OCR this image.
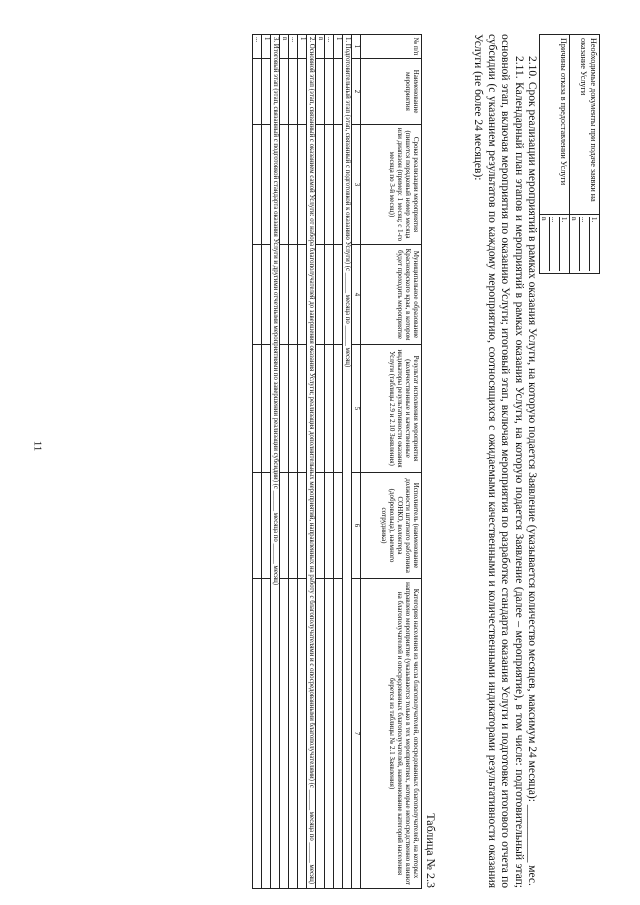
11
Необходимые документы при подаче заявки на оказание Услуги	1.
...
n

Причины отказа в предоставлении Услуги	1.
...
n

2.10. Срок реализации мероприятий в рамках оказания Услуги, на которую подается Заявление (указывается количество месяцев, максимум 24 месяца): __________ мес.

2.11. Календарный план этапов и мероприятий в рамках оказания Услуги, на которую подается Заявление (далее – мероприятие), в том числе: подготовительный этап; основной этап, включая мероприятия по оказанию Услуги; итоговый этап, включая мероприятия по разработке стандарта оказания Услуги и подготовке итогового отчета по субсидии (с указанием результатов по каждому мероприятию, соотносящихся с ожидаемыми качественными и количественными индикаторами результативности оказания Услуги (не более 24 месяцев):

Таблица № 2.3
№ п/п	Наименование мероприятия	Сроки реализации мероприятия (пишется порядковый номер месяца или диапазон (пример: 1 месяц; с 1-го месяца по 3-й месяц))	Муниципальное образование Красноярского края, в котором будет проходить мероприятие	Результат исполнения мероприятия (количественные и качественные индикаторы результативности оказания Услуги (таблицы 2.9 и 2.10 Заявления)	Исполнитель (наименование должности штатного работника СОНКО, волонтера (добровольца), наемного сотрудника)	Категория населения из числа благополучателей, опосредованных благополучателей, на которых направлено мероприятие (указываются только в тех мероприятиях, которые непосредственно влияют на благополучателей и опосредованных благополучателей, наименование категорий населения берется из таблицы № 2.1 Заявления)
1	2	3	4	5	6	7
1. Подготовительный этап (этап, связанный с подготовкой к оказанию Услуги) (с ______ месяца по ______ месяц)						
1						
...						
n						
2. Основной этап (этап, связанный с оказанием самой Услуги: от набора благополучателей до завершения оказания Услуги; реализация дополнительных мероприятий, направленных на работу с благополучателями и с опосредованными благополучателями) (с ______ месяца по ______ месяц)						
1						
...						
n						
3. Итоговый этап (этап, связанный с подготовкой стандарта оказания Услуги и другими отчетными мероприятиями по завершении реализации субсидии) (с ______ месяца по ______ месяц)						
1						
...						
